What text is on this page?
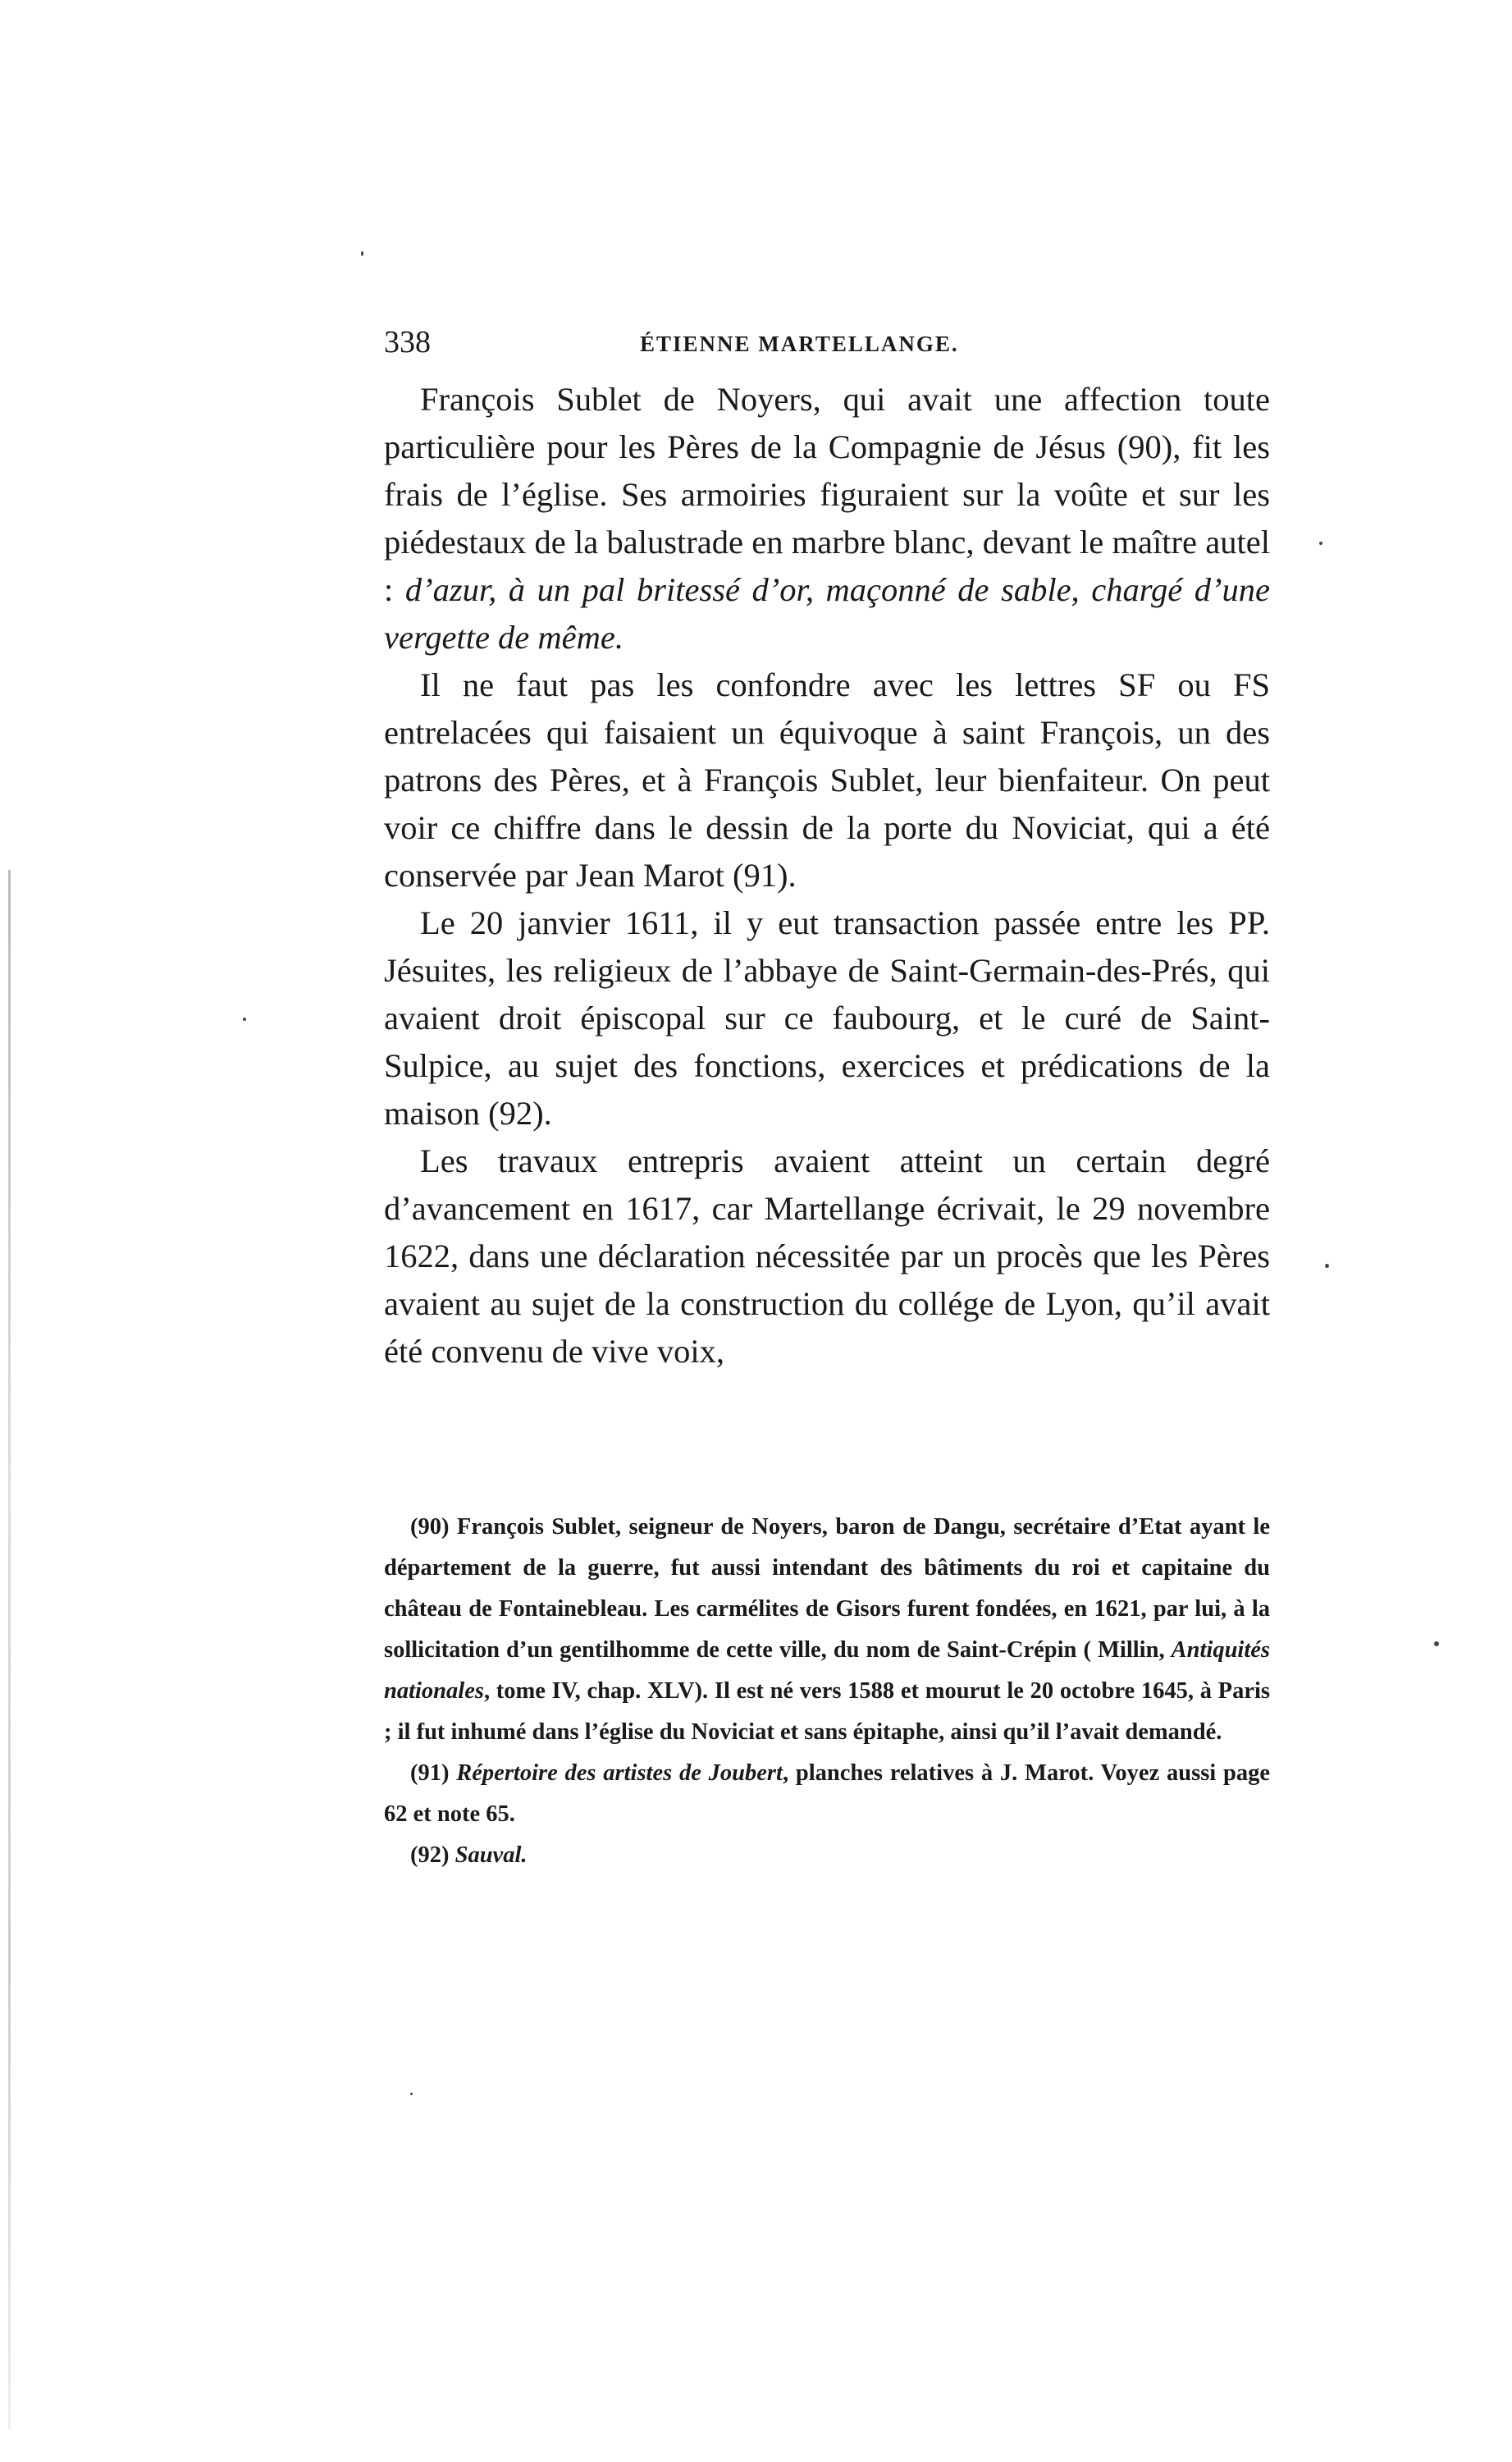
338	ÉTIENNE MARTELLANGE.

François Sublet de Noyers, qui avait une affection toute particulière pour les Pères de la Compagnie de Jésus (90), fit les frais de l’église. Ses armoiries figuraient sur la voûte et sur les piédestaux de la balustrade en marbre blanc, devant le maître autel : d’azur, à un pal britessé d’or, maçonné de sable, chargé d’une vergette de même.

Il ne faut pas les confondre avec les lettres SF ou FS entrelacées qui faisaient un équivoque à saint François, un des patrons des Pères, et à François Sublet, leur bienfaiteur. On peut voir ce chiffre dans le dessin de la porte du Noviciat, qui a été conservée par Jean Marot (91).

Le 20 janvier 1611, il y eut transaction passée entre les PP. Jésuites, les religieux de l’abbaye de Saint-Germain-des-Prés, qui avaient droit épiscopal sur ce faubourg, et le curé de Saint-Sulpice, au sujet des fonctions, exercices et prédications de la maison (92).

Les travaux entrepris avaient atteint un certain degré d’avancement en 1617, car Martellange écrivait, le 29 novembre 1622, dans une déclaration nécessitée par un procès que les Pères avaient au sujet de la construction du collége de Lyon, qu’il avait été convenu de vive voix,

(90) François Sublet, seigneur de Noyers, baron de Dangu, secrétaire d’Etat ayant le département de la guerre, fut aussi intendant des bâtiments du roi et capitaine du château de Fontainebleau. Les carmélites de Gisors furent fondées, en 1621, par lui, à la sollicitation d’un gentilhomme de cette ville, du nom de Saint-Crépin ( Millin, Antiquités nationales, tome IV, chap. XLV). Il est né vers 1588 et mourut le 20 octobre 1645, à Paris ; il fut inhumé dans l’église du Noviciat et sans épitaphe, ainsi qu’il l’avait demandé.

(91) Répertoire des artistes de Joubert, planches relatives à J. Marot. Voyez aussi page 62 et note 65.

(92) Sauval.
